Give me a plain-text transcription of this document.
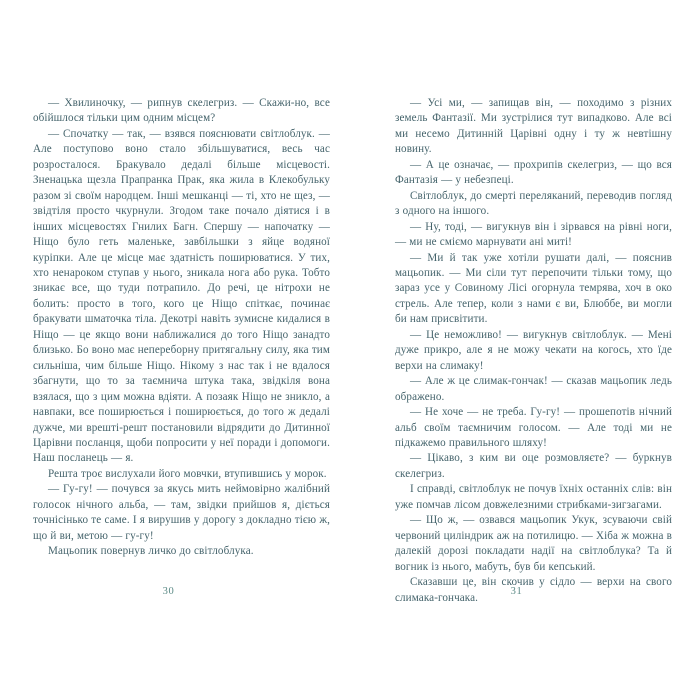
— Хвилиночку, — рипнув скелегриз. — Скажи-но, все обійшлося тільки цим одним місцем?

— Спочатку — так, — взявся пояснювати світлоблук. — Але поступово воно стало збільшуватися, весь час розросталося. Бракувало дедалі більше місцевості. Зненацька щезла Прапранка Прак, яка жила в Клекобульку разом зі своїм народцем. Інші мешканці — ті, хто не щез, — звідтіля просто чкурнули. Згодом таке почало діятися і в інших місцевостях Гнилих Багн. Спершу — напочатку — Ніщо було геть маленьке, завбільшки з яйце водяної куріпки. Але це місце має здатність поширюватися. У тих, хто ненароком ступав у нього, зникала нога або рука. Тобто зникає все, що туди потрапило. До речі, це нітрохи не болить: просто в того, кого це Ніщо спіткає, починає бракувати шматочка тіла. Декотрі навіть зумисне кидалися в Ніщо — це якщо вони наближалися до того Ніщо занадто близько. Бо воно має непереборну притягальну силу, яка тим сильніша, чим більше Ніщо. Нікому з нас так і не вдалося збагнути, що то за таємнича штука така, звідкіля вона взялася, що з цим можна вдіяти. А позаяк Ніщо не зникло, а навпаки, все поширюється і поширюється, до того ж дедалі дужче, ми врешті-решт постановили відрядити до Дитинної Царівни посланця, щоби попросити у неї поради і допомоги. Наш посланець — я.

Решта троє вислухали його мовчки, втупившись у морок.

— Гу-гу! — почувся за якусь мить неймовірно жалібний голосок нічного альба, — там, звідки прийшов я, діється точнісінько те саме. І я вирушив у дорогу з докладно тією ж, що й ви, метою — гу-гу!

Мацьопик повернув личко до світлоблука.

30

— Усі ми, — запищав він, — походимо з різних земель Фантазії. Ми зустрілися тут випадково. Але всі ми несемо Дитинній Царівні одну і ту ж невтішну новину.

— А це означає, — прохрипів скелегриз, — що вся Фантазія — у небезпеці.

Світлоблук, до смерті переляканий, переводив погляд з одного на іншого.

— Ну, тоді, — вигукнув він і зірвався на рівні ноги, — ми не сміємо марнувати ані миті!

— Ми й так уже хотіли рушати далі, — пояснив мацьопик. — Ми сіли тут перепочити тільки тому, що зараз усе у Совиному Лісі огорнула темрява, хоч в око стрель. Але тепер, коли з нами є ви, Блюббе, ви могли би нам присвітити.

— Це неможливо! — вигукнув світлоблук. — Мені дуже прикро, але я не можу чекати на когось, хто їде верхи на слимаку!

— Але ж це слимак-гончак! — сказав мацьопик ледь ображено.

— Не хоче — не треба. Гу-гу! — прошепотів нічний альб своїм таємничим голосом. — Але тоді ми не підкажемо правильного шляху!

— Цікаво, з ким ви оце розмовляєте? — буркнув скелегриз.

І справді, світлоблук не почув їхніх останніх слів: він уже помчав лісом довжелезними стрибками-зигзагами.

— Що ж, — озвався мацьопик Укук, зсуваючи свій червоний циліндрик аж на потилицю. — Хіба ж можна в далекій дорозі покладати надії на світлоблука? Та й вогник із нього, мабуть, був би кепський.

Сказавши це, він скочив у сідло — верхи на свого слимака-гончака.	31
